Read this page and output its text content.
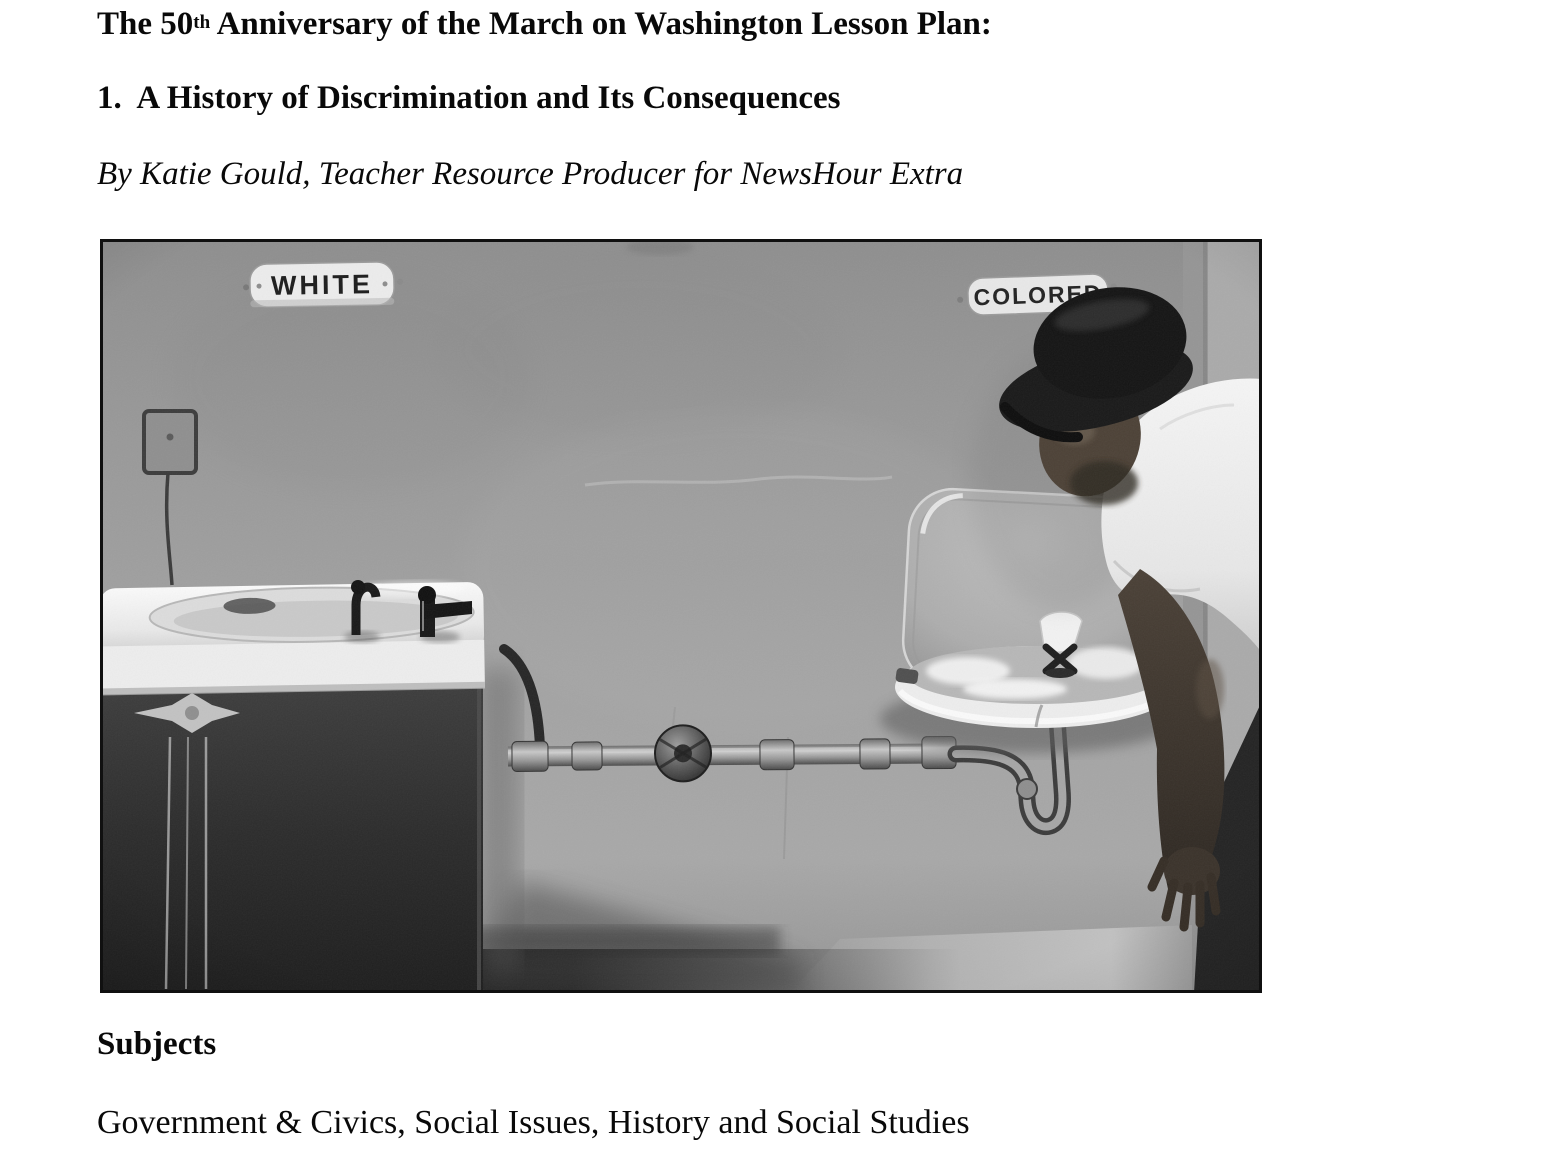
The 50th Anniversary of the March on Washington Lesson Plan:
1.  A History of Discrimination and Its Consequences
By Katie Gould, Teacher Resource Producer for NewsHour Extra
Subjects
Government & Civics, Social Issues, History and Social Studies
